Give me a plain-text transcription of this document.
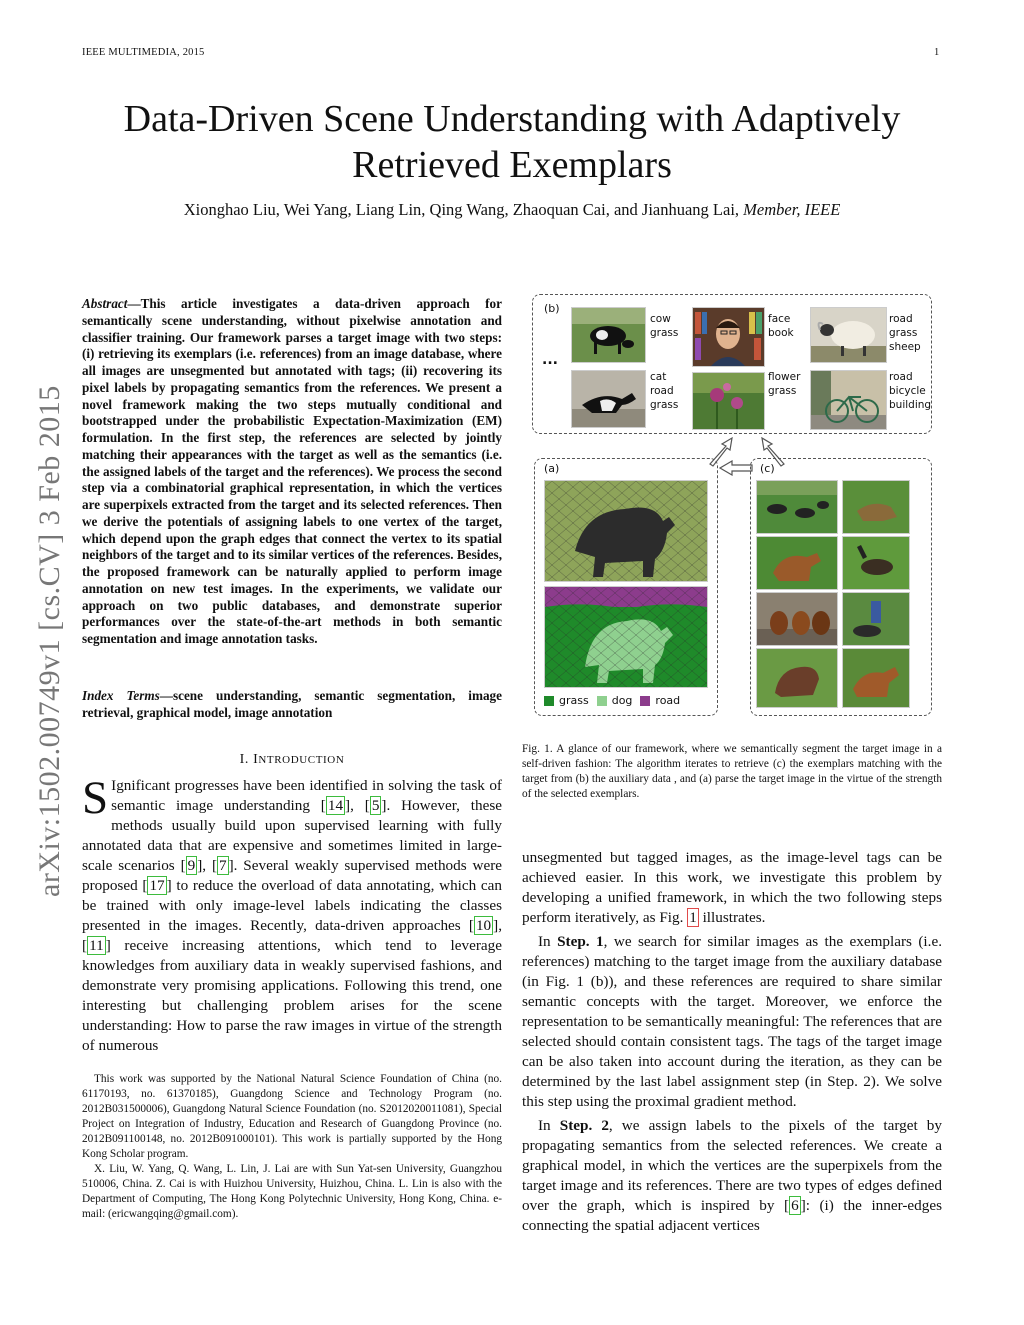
IEEE MULTIMEDIA, 2015	1
arXiv:1502.00749v1 [cs.CV] 3 Feb 2015
Data-Driven Scene Understanding with Adaptively
Retrieved Exemplars
Xionghao Liu, Wei Yang, Liang Lin, Qing Wang, Zhaoquan Cai, and Jianhuang Lai, Member, IEEE
Abstract—This article investigates a data-driven approach for semantically scene understanding, without pixelwise annotation and classifier training. Our framework parses a target image with two steps: (i) retrieving its exemplars (i.e. references) from an image database, where all images are unsegmented but annotated with tags; (ii) recovering its pixel labels by propagating semantics from the references. We present a novel framework making the two steps mutually conditional and bootstrapped under the probabilistic Expectation-Maximization (EM) formulation. In the first step, the references are selected by jointly matching their appearances with the target as well as the semantics (i.e. the assigned labels of the target and the references). We process the second step via a combinatorial graphical representation, in which the vertices are superpixels extracted from the target and its selected references. Then we derive the potentials of assigning labels to one vertex of the target, which depend upon the graph edges that connect the vertex to its spatial neighbors of the target and to its similar vertices of the references. Besides, the proposed framework can be naturally applied to perform image annotation on new test images. In the experiments, we validate our approach on two public databases, and demonstrate superior performances over the state-of-the-art methods in both semantic segmentation and image annotation tasks.
Index Terms—scene understanding, semantic segmentation, image retrieval, graphical model, image annotation
I. INTRODUCTION
S Ignificant progresses have been identified in solving the task of semantic image understanding [ 14 ], [ 5 ]. However, these methods usually build upon supervised learning with fully annotated data that are expensive and sometimes limited in large-scale scenarios [ 9 ], [ 7 ]. Several weakly supervised methods were proposed [ 17 ] to reduce the overload of data annotating, which can be trained with only image-level labels indicating the classes presented in the images. Recently, data-driven approaches [ 10 ], [ 11 ] receive increasing attentions, which tend to leverage knowledges from auxiliary data in weakly supervised fashions, and demonstrate very promising applications. Following this trend, one interesting but challenging problem arises for the scene understanding: How to parse the raw images in virtue of the strength of numerous

This work was supported by the National Natural Science Foundation of China (no. 61170193, no. 61370185), Guangdong Science and Technology Program (no. 2012B031500006), Guangdong Natural Science Foundation (no. S2012020011081), Special Project on Integration of Industry, Education and Research of Guangdong Province (no. 2012B091100148, no. 2012B091000101). This work is partially supported by the Hong Kong Scholar program.

X. Liu, W. Yang, Q. Wang, L. Lin, J. Lai are with Sun Yat-sen University, Guangzhou 510006, China. Z. Cai is with Huizhou University, Huizhou, China. L. Lin is also with the Department of Computing, The Hong Kong Polytechnic University, Hong Kong, China. e-mail: (ericwangqing@gmail.com).

(b)
...
cow
grass
face
book
road
grass
sheep
cat
road
grass
flower
grass
road
bicycle
building
(a)
grass dog road
(c)
Fig. 1. A glance of our framework, where we semantically segment the target image in a self-driven fashion: The algorithm iterates to retrieve (c) the exemplars matching with the target from (b) the auxiliary data , and (a) parse the target image in the virtue of the strength of the selected exemplars.

unsegmented but tagged images, as the image-level tags can be achieved easier. In this work, we investigate this problem by developing a unified framework, in which the two following steps perform iteratively, as Fig. 1 illustrates.

In Step. 1, we search for similar images as the exemplars (i.e. references) matching to the target image from the auxiliary database (in Fig. 1 (b)), and these references are required to share similar semantic concepts with the target. Moreover, we enforce the representation to be semantically meaningful: The references that are selected should contain consistent tags. The tags of the target image can be also taken into account during the iteration, as they can be determined by the last label assignment step (in Step. 2). We solve this step using the proximal gradient method.

In Step. 2, we assign labels to the pixels of the target by propagating semantics from the selected references. We create a graphical model, in which the vertices are the superpixels from the target image and its references. There are two types of edges defined over the graph, which is inspired by [ 6 ]: (i) the inner-edges connecting the spatial adjacent vertices
